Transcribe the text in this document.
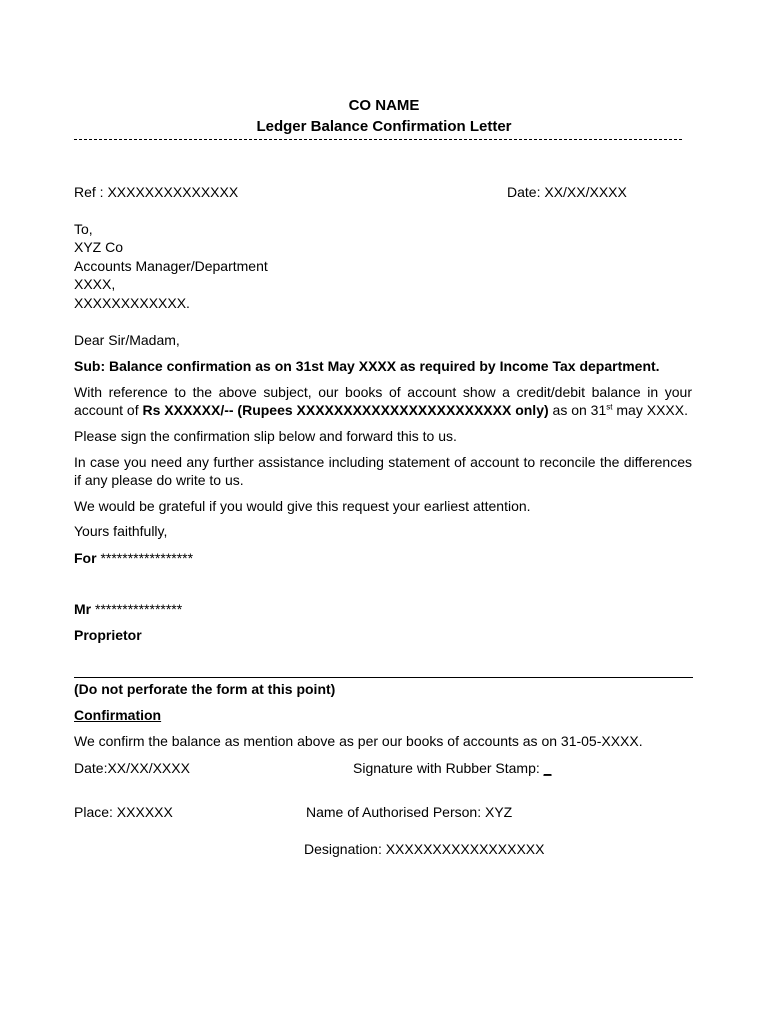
CO NAME
Ledger Balance Confirmation Letter
Ref : XXXXXXXXXXXXXX	Date: XX/XX/XXXX
To,
XYZ Co
Accounts Manager/Department
XXXX,
XXXXXXXXXXXX.
Dear Sir/Madam,
Sub: Balance confirmation as on 31st May XXXX as required by Income Tax department.
With reference to the above subject, our books of account show a credit/debit balance in your account of Rs XXXXXX/-- (Rupees XXXXXXXXXXXXXXXXXXXXXXX only) as on 31st may XXXX.
Please sign the confirmation slip below and forward this to us.
In case you need any further assistance including statement of account to reconcile the differences if any please do write to us.
We would be grateful if you would give this request your earliest attention.
Yours faithfully,
For *****************
Mr ****************
Proprietor
(Do not perforate the form at this point)
Confirmation
We confirm the balance as mention above as per our books of accounts as on 31-05-XXXX.
Date:XX/XX/XXXX	Signature with Rubber Stamp: _
Place: XXXXXX	Name of Authorised Person: XYZ
Designation: XXXXXXXXXXXXXXXXX
